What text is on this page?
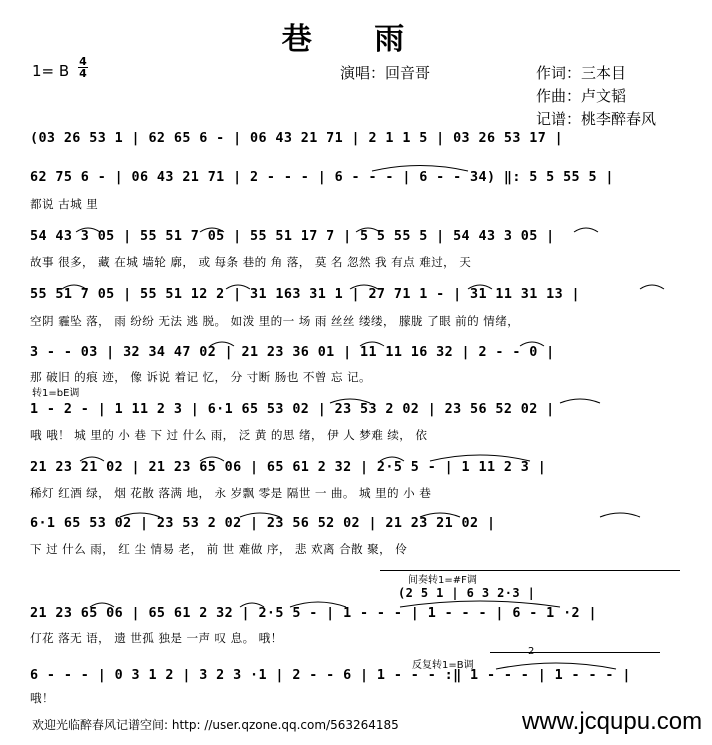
巷 雨
1= B
4
4	演唱：回音哥	作词：三本目
作曲：卢文韬
记谱：桃李醉春风
(03 26 53 1 | 62 65 6 - | 06 43 21 71 | 2 1 1 5 | 03 26 53 17 |
62 75 6 - | 06 43 21 71 | 2 - - - | 6 - - - | 6 - - 34) ‖: 5 5 55 5 |
都说 古城 里
54 43 3 05 | 55 51 7 05 | 55 51 17 7 | 5 5 55 5 | 54 43 3 05 |
故事 很多， 藏 在城 墙轮 廓， 或 每条 巷的 角 落， 莫 名 忽然 我 有点 难过， 天
55 51 7 05 | 55 51 12 2 | 31 163 31 1 | 27 71 1 - | 31 11 31 13 |
空阴 霾坠 落， 雨 纷纷 无法 逃 脱。 如泼 里的一 场 雨 丝丝 缕缕， 朦胧 了眼 前的 情绪，
3 - - 03 | 32 34 47 02 | 21 23 36 01 | 11 11 16 32 | 2 - - 0 |
那 破旧 的痕 迹， 像 诉说 着记 忆， 分 寸断 肠也 不曾 忘 记。
转1=bE调
1 - 2 - | 1 11 2 3 | 6·1 65 53 02 | 23 53 2 02 | 23 56 52 02 |
哦 哦！ 城 里的 小 巷 下 过 什么 雨， 泛 黄 的思 绪， 伊 人 梦难 续， 依
21 23 21 02 | 21 23 65 06 | 65 61 2 32 | 2·5 5 - | 1 11 2 3 |
稀灯 红酒 绿， 烟 花散 落满 地， 永 岁飘 零是 隔世 一 曲。 城 里的 小 巷
6·1 65 53 02 | 23 53 2 02 | 23 56 52 02 | 21 23 21 02 |
下 过 什么 雨， 红 尘 情易 老， 前 世 难做 序， 悲 欢离 合散 聚， 伶
间奏转1=#F调
(2 5 1 | 6 3 2·3 |
21 23 65 06 | 65 61 2 32 | 2·5 5 - | 1 - - - | 1 - - - | 6 - 1 ·2 |
仃花 落无 语， 遗 世孤 独是 一声 叹 息。 哦！
反复转1=B调
6 - - - | 0 3 1 2 | 3 2 3 ·1 | 2 - - 6 | 1 - - - :‖ 1 - - - | 1 - - - |
哦！
欢迎光临醉春风记谱空间: http: //user.qzone.qq.com/563264185	www.jcqupu.com
